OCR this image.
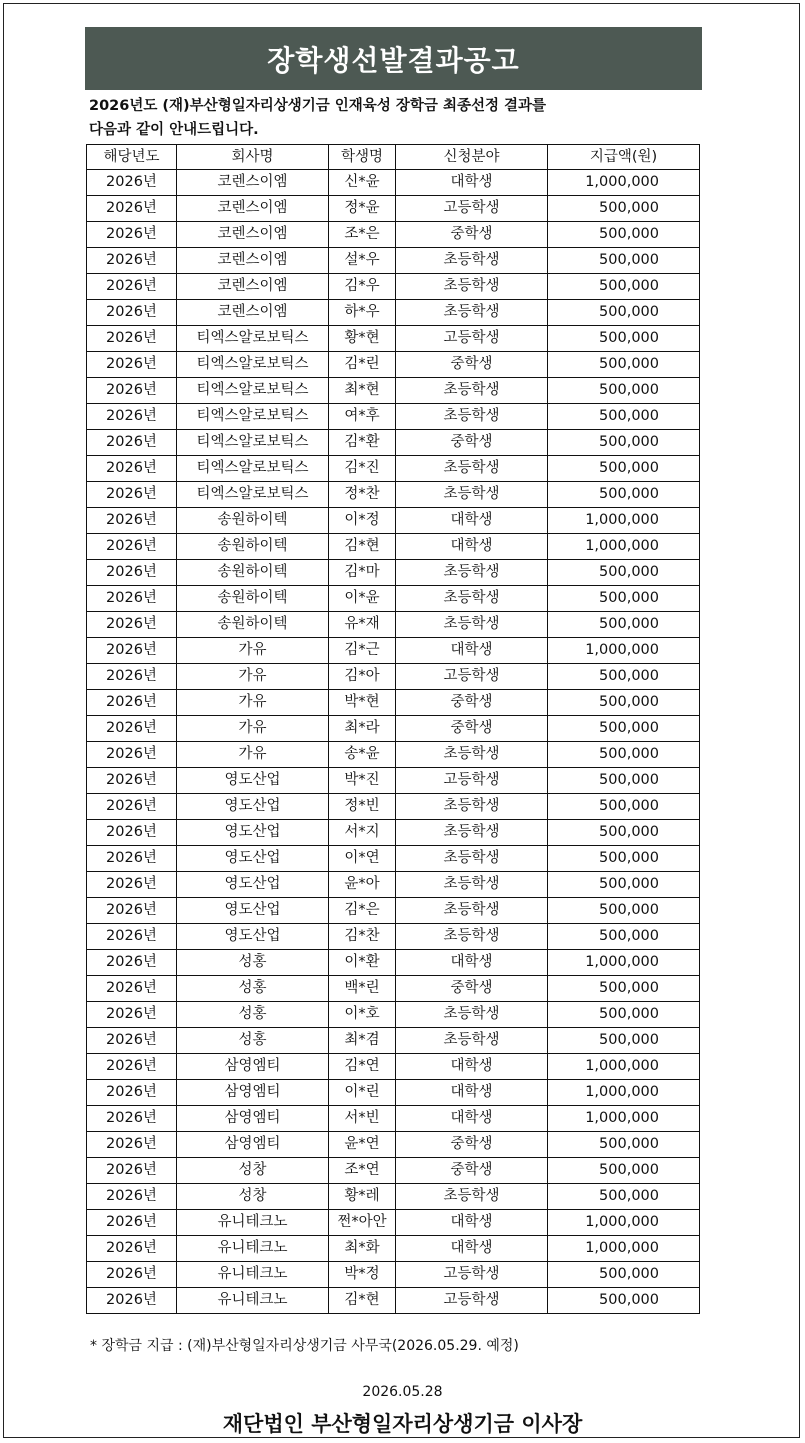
장학생선발결과공고
2026년도 (재)부산형일자리상생기금 인재육성 장학금 최종선정 결과를
다음과 같이 안내드립니다.
해당년도	회사명	학생명	신청분야	지급액(원)
2026년	코렌스이엠	신*윤	대학생	1,000,000
2026년	코렌스이엠	정*윤	고등학생	500,000
2026년	코렌스이엠	조*은	중학생	500,000
2026년	코렌스이엠	설*우	초등학생	500,000
2026년	코렌스이엠	김*우	초등학생	500,000
2026년	코렌스이엠	하*우	초등학생	500,000
2026년	티엑스알로보틱스	황*현	고등학생	500,000
2026년	티엑스알로보틱스	김*린	중학생	500,000
2026년	티엑스알로보틱스	최*현	초등학생	500,000
2026년	티엑스알로보틱스	여*후	초등학생	500,000
2026년	티엑스알로보틱스	김*환	중학생	500,000
2026년	티엑스알로보틱스	김*진	초등학생	500,000
2026년	티엑스알로보틱스	정*찬	초등학생	500,000
2026년	송원하이텍	이*정	대학생	1,000,000
2026년	송원하이텍	김*현	대학생	1,000,000
2026년	송원하이텍	김*마	초등학생	500,000
2026년	송원하이텍	이*윤	초등학생	500,000
2026년	송원하이텍	유*재	초등학생	500,000
2026년	가유	김*근	대학생	1,000,000
2026년	가유	김*아	고등학생	500,000
2026년	가유	박*현	중학생	500,000
2026년	가유	최*라	중학생	500,000
2026년	가유	송*윤	초등학생	500,000
2026년	영도산업	박*진	고등학생	500,000
2026년	영도산업	정*빈	초등학생	500,000
2026년	영도산업	서*지	초등학생	500,000
2026년	영도산업	이*연	초등학생	500,000
2026년	영도산업	윤*아	초등학생	500,000
2026년	영도산업	김*은	초등학생	500,000
2026년	영도산업	김*찬	초등학생	500,000
2026년	성홍	이*환	대학생	1,000,000
2026년	성홍	백*린	중학생	500,000
2026년	성홍	이*호	초등학생	500,000
2026년	성홍	최*겸	초등학생	500,000
2026년	삼영엠티	김*연	대학생	1,000,000
2026년	삼영엠티	이*린	대학생	1,000,000
2026년	삼영엠티	서*빈	대학생	1,000,000
2026년	삼영엠티	윤*연	중학생	500,000
2026년	성창	조*연	중학생	500,000
2026년	성창	황*레	초등학생	500,000
2026년	유니테크노	쩐*아안	대학생	1,000,000
2026년	유니테크노	최*화	대학생	1,000,000
2026년	유니테크노	박*정	고등학생	500,000
2026년	유니테크노	김*현	고등학생	500,000
* 장학금 지급 : (재)부산형일자리상생기금 사무국(2026.05.29. 예정)
2026.05.28
재단법인 부산형일자리상생기금 이사장
